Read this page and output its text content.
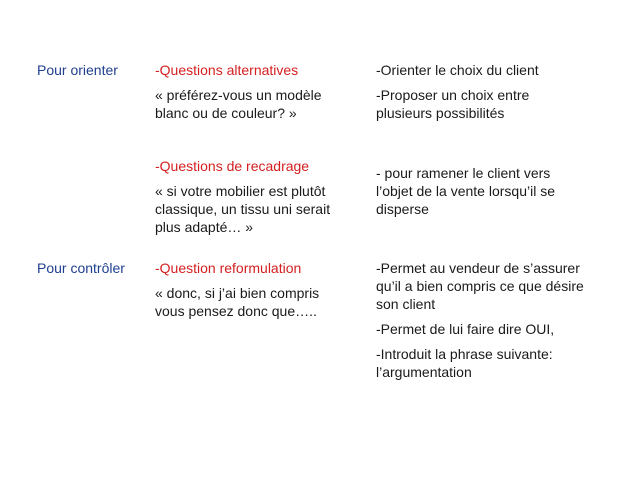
Pour orienter	-Questions alternatives
« préférez-vous un modèle
blanc ou de couleur? »
-Orienter le choix du client
-Proposer un choix entre
plusieurs possibilités
-Questions de recadrage
« si votre mobilier est plutôt
classique, un tissu uni serait
plus adapté… »
- pour ramener le client vers
l’objet de la vente lorsqu’il se
disperse
Pour contrôler -Question reformulation
« donc, si j’ai bien compris
vous pensez donc que…..
-Permet au vendeur de s’assurer
qu’il a bien compris ce que désire
son client
-Permet de lui faire dire OUI,
-Introduit la phrase suivante:
l’argumentation
